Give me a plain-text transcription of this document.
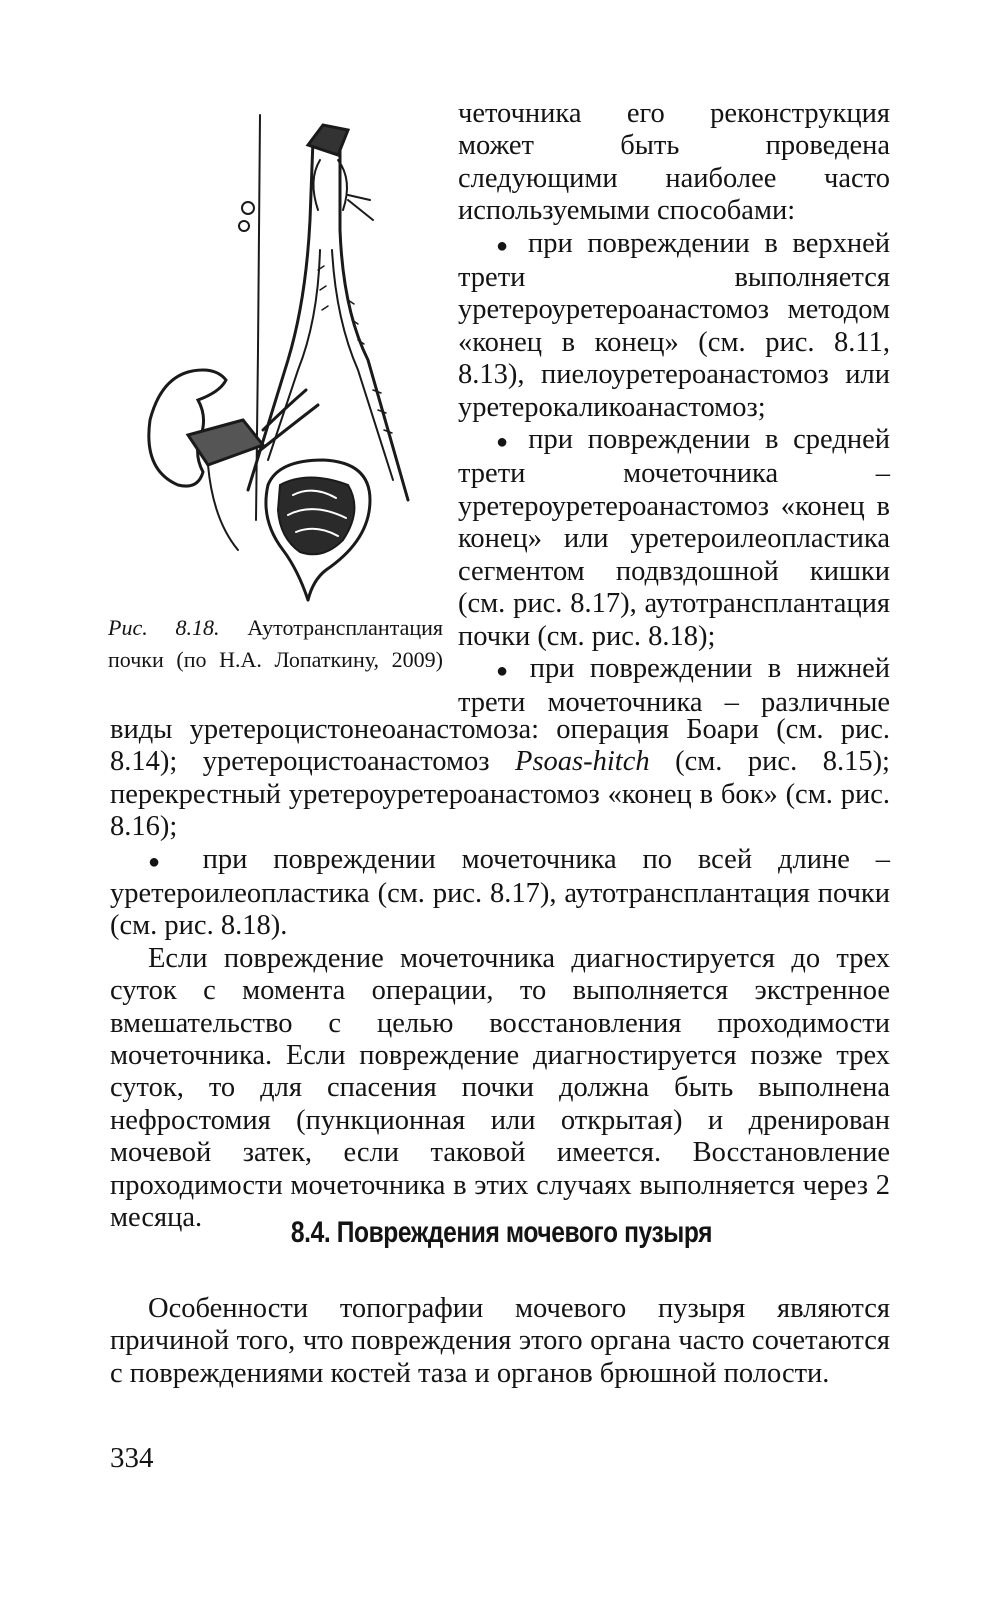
Рис. 8.18. Аутотрансплантация
почки (по Н.А. Лопаткину, 2009)

четочника его реконструкция может быть проведена следующими наиболее часто используемыми способами:

● при повреждении в верхней трети выполняется уретероуретероанастомоз методом «конец в конец» (см. рис. 8.11, 8.13), пиелоуретероанастомоз или уретерокаликоанастомоз;

● при повреждении в средней трети мочеточника – уретероуретероанастомоз «конец в конец» или уретероилеопластика сегментом подвздошной кишки (см. рис. 8.17), аутотрансплантация почки (см. рис. 8.18);

● при повреждении в нижней трети мочеточника – различные

виды уретероцистонеоанастомоза: операция Боари (см. рис. 8.14); уретероцистоанастомоз Psoas-hitch (см. рис. 8.15); перекрестный уретероуретероанастомоз «конец в бок» (см. рис. 8.16);

● при повреждении мочеточника по всей длине – уретероилеопластика (см. рис. 8.17), аутотрансплантация почки (см. рис. 8.18).

Если повреждение мочеточника диагностируется до трех суток с момента операции, то выполняется экстренное вмешательство с целью восстановления проходимости мочеточника. Если повреждение диагностируется позже трех суток, то для спасения почки должна быть выполнена нефростомия (пункционная или открытая) и дренирован мочевой затек, если таковой имеется. Восстановление проходимости мочеточника в этих случаях выполняется через 2 месяца.	8.4. Повреждения мочевого пузыря
Особенности топографии мочевого пузыря являются причиной того, что повреждения этого органа часто сочетаются с повреждениями костей таза и органов брюшной полости.
334
